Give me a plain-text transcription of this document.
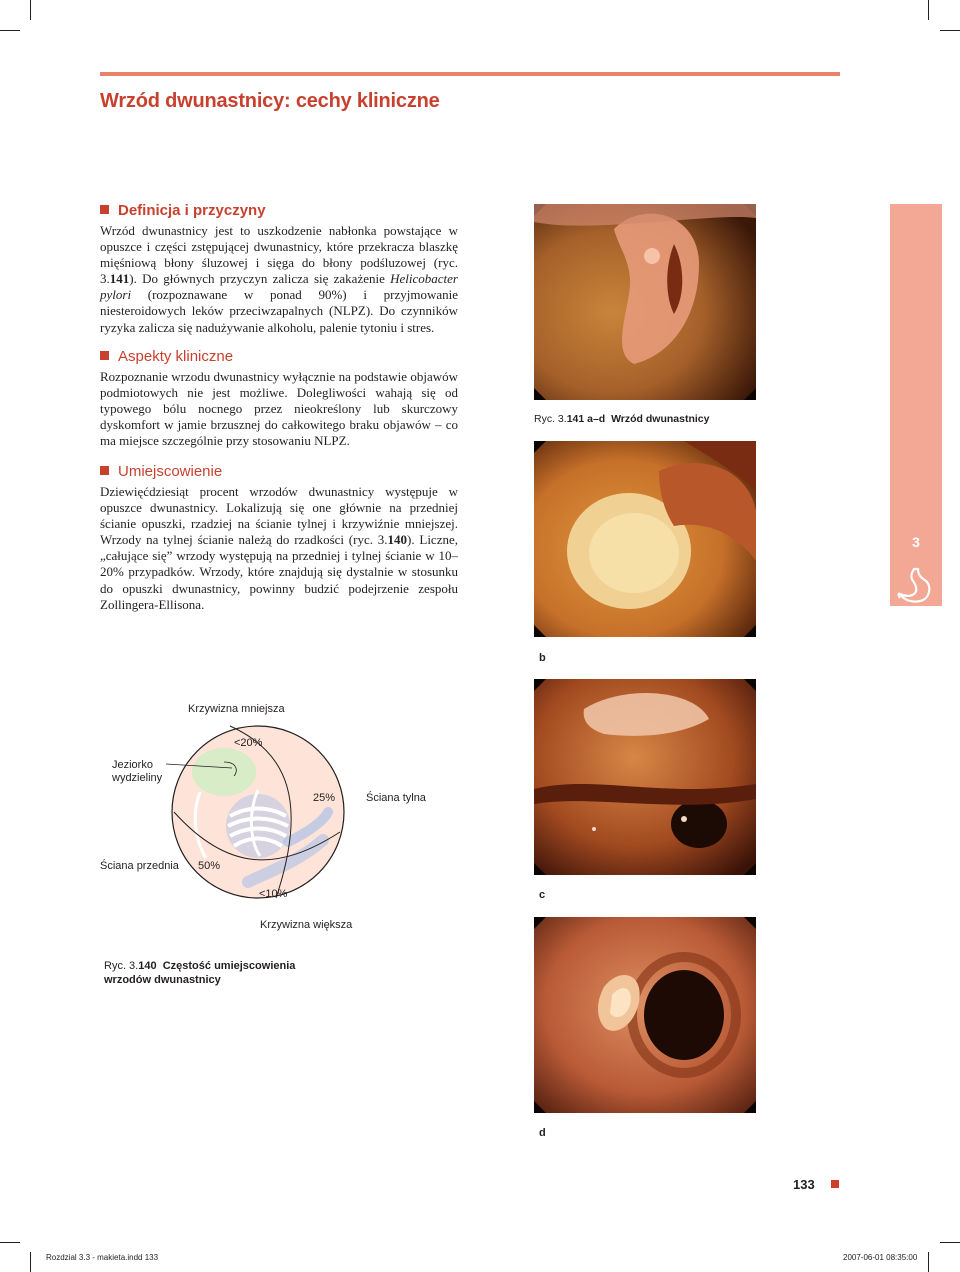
Wrzód dwunastnicy: cechy kliniczne
Definicja i przyczyny

Wrzód dwunastnicy jest to uszkodzenie nabłonka powstające w opuszce i części zstępującej dwunastnicy, które przekracza blaszkę mięśniową błony śluzowej i sięga do błony podśluzowej (ryc. 3.141). Do głównych przyczyn zalicza się zakażenie Helicobacter pylori (rozpoznawane w ponad 90%) i przyjmowanie niesteroidowych leków przeciwzapalnych (NLPZ). Do czynników ryzyka zalicza się nadużywanie alkoholu, palenie tytoniu i stres.

Aspekty kliniczne

Rozpoznanie wrzodu dwunastnicy wyłącznie na podstawie objawów podmiotowych nie jest możliwe. Dolegliwości wahają się od typowego bólu nocnego przez nieokreślony lub skurczowy dyskomfort w jamie brzusznej do całkowitego braku objawów – co ma miejsce szczególnie przy stosowaniu NLPZ.

Umiejscowienie

Dziewięćdziesiąt procent wrzodów dwunastnicy występuje w opuszce dwunastnicy. Lokalizują się one głównie na przedniej ścianie opuszki, rzadziej na ścianie tylnej i krzywiźnie mniejszej. Wrzody na tylnej ścianie należą do rzadkości (ryc. 3.140). Liczne, „całujące się” wrzody występują na przedniej i tylnej ścianie w 10–20% przypadków. Wrzody, które znajdują się dystalnie w stosunku do opuszki dwunastnicy, powinny budzić podejrzenie zespołu Zollingera-Ellisona.

Ryc. 3.141 a–d Wrzód dwunastnicy
b
c
d
3
Krzywizna mniejsza
<20%
Jeziorko
wydzieliny
25%	Ściana tylna
Ściana przednia 50%
<10%
Krzywizna większa
Ryc. 3.140 Częstość umiejscowienia
wrzodów dwunastnicy
133
Rozdzial 3.3 - makieta.indd 133	2007-06-01 08:35:00
